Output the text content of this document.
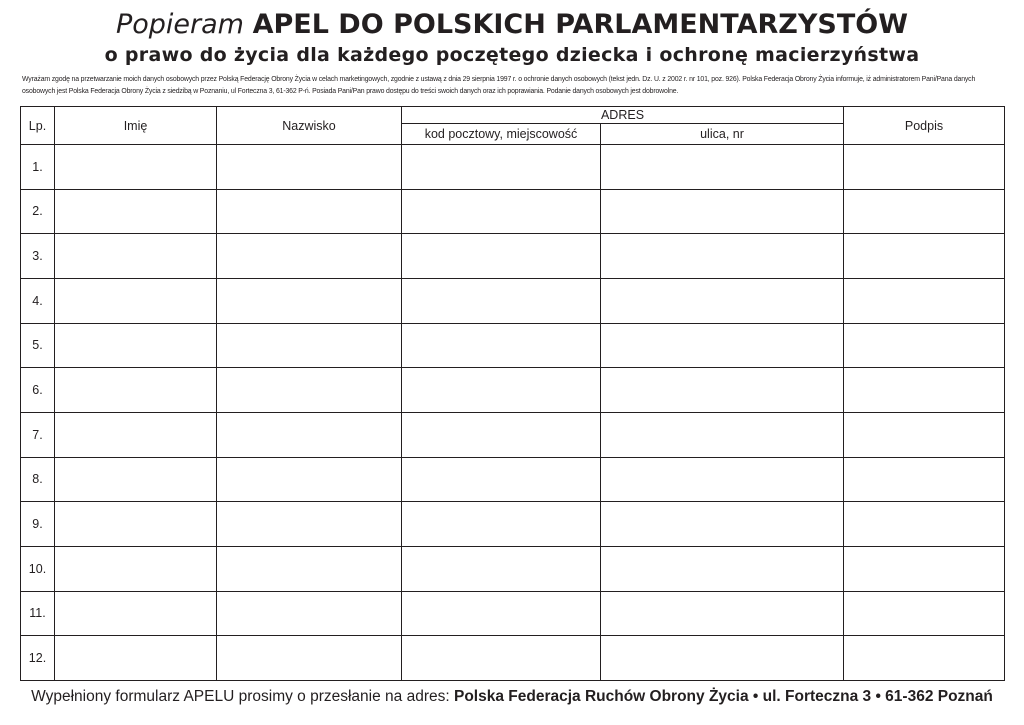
Popieram APEL DO POLSKICH PARLAMENTARZYSTÓW
o prawo do życia dla każdego poczętego dziecka i ochronę macierzyństwa
Wyrażam zgodę na przetwarzanie moich danych osobowych przez Polską Federację Obrony Życia w celach marketingowych, zgodnie z ustawą z dnia 29 sierpnia 1997 r. o ochronie danych osobowych (tekst jedn. Dz. U. z 2002 r. nr 101, poz. 926). Polska Federacja Obrony Życia informuje, iż administratorem Pani/Pana danych osobowych jest Polska Federacja Obrony Życia z siedzibą w Poznaniu, ul Forteczna 3, 61-362 P-ń. Posiada Pani/Pan prawo dostępu do treści swoich danych oraz ich poprawiania. Podanie danych osobowych jest dobrowolne.
Lp.	Imię	Nazwisko	ADRES		Podpis
			kod pocztowy, miejscowość	ulica, nr	
1.					
2.					
3.					
4.					
5.					
6.					
7.					
8.					
9.					
10.					
11.					
12.					
Wypełniony formularz APELU prosimy o przesłanie na adres: Polska Federacja Ruchów Obrony Życia • ul. Forteczna 3 • 61-362 Poznań
